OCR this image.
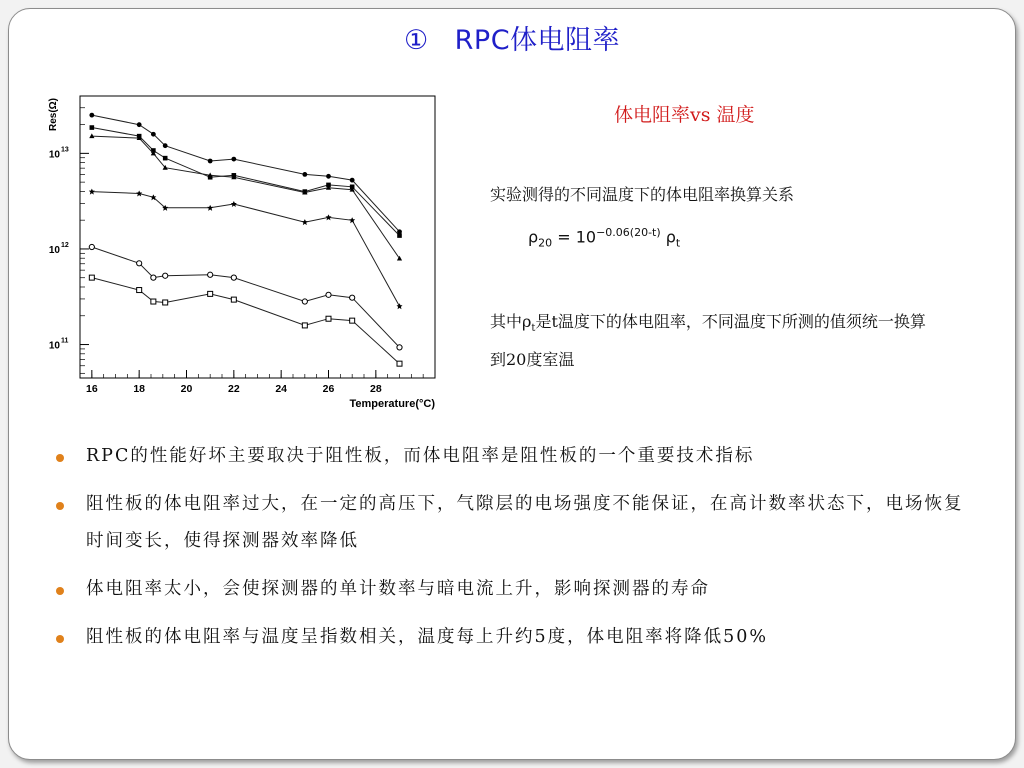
① RPC体电阻率
16	18	20	22	24	26	28
10 11
10 12
10 13
Temperature(°C)
Res(Ω)	体电阻率vs 温度
实验测得的不同温度下的体电阻率换算关系
$\rho_{20} = 10^{-0.06(20-t)}$ $\rho_t$
其中$\rho_t$是t温度下的体电阻率，不同温度下所测的值须统一换算到20度室温
RPC的性能好坏主要取决于阻性板，而体电阻率是阻性板的一个重要技术指标
阻性板的体电阻率过大，在一定的高压下，气隙层的电场强度不能保证，在高计数率状态下，电场恢复时间变长，使得探测器效率降低
体电阻率太小，会使探测器的单计数率与暗电流上升，影响探测器的寿命
阻性板的体电阻率与温度呈指数相关，温度每上升约5度，体电阻率将降低50%
